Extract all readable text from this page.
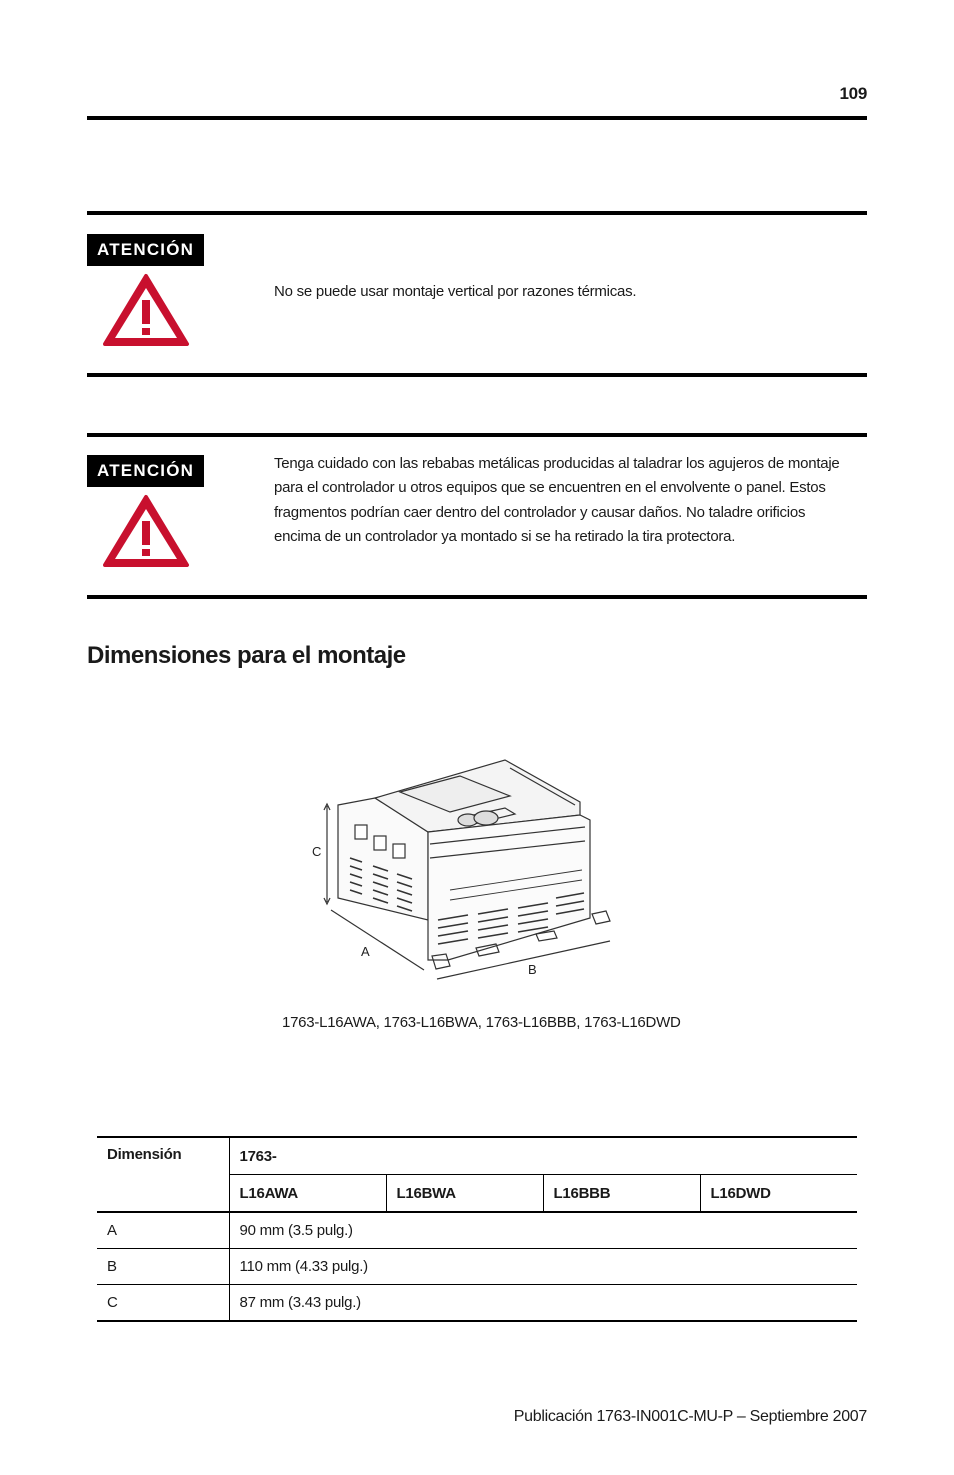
109
ATENCIÓN
No se puede usar montaje vertical por razones térmicas.
ATENCIÓN	Tenga cuidado con las rebabas metálicas producidas al taladrar los agujeros de montaje para el controlador u otros equipos que se encuentren en el envolvente o panel. Estos fragmentos podrían caer dentro del controlador y causar daños. No taladre orificios encima de un controlador ya montado si se ha retirado la tira protectora.
Dimensiones para el montaje
C
A
B
1763-L16AWA, 1763-L16BWA, 1763-L16BBB, 1763-L16DWD
Dimensión	1763-			
	L16AWA	L16BWA	L16BBB	L16DWD
A	90 mm (3.5 pulg.)			
B	110 mm (4.33 pulg.)			
C	87 mm (3.43 pulg.)			
Publicación 1763-IN001C-MU-P – Septiembre 2007
